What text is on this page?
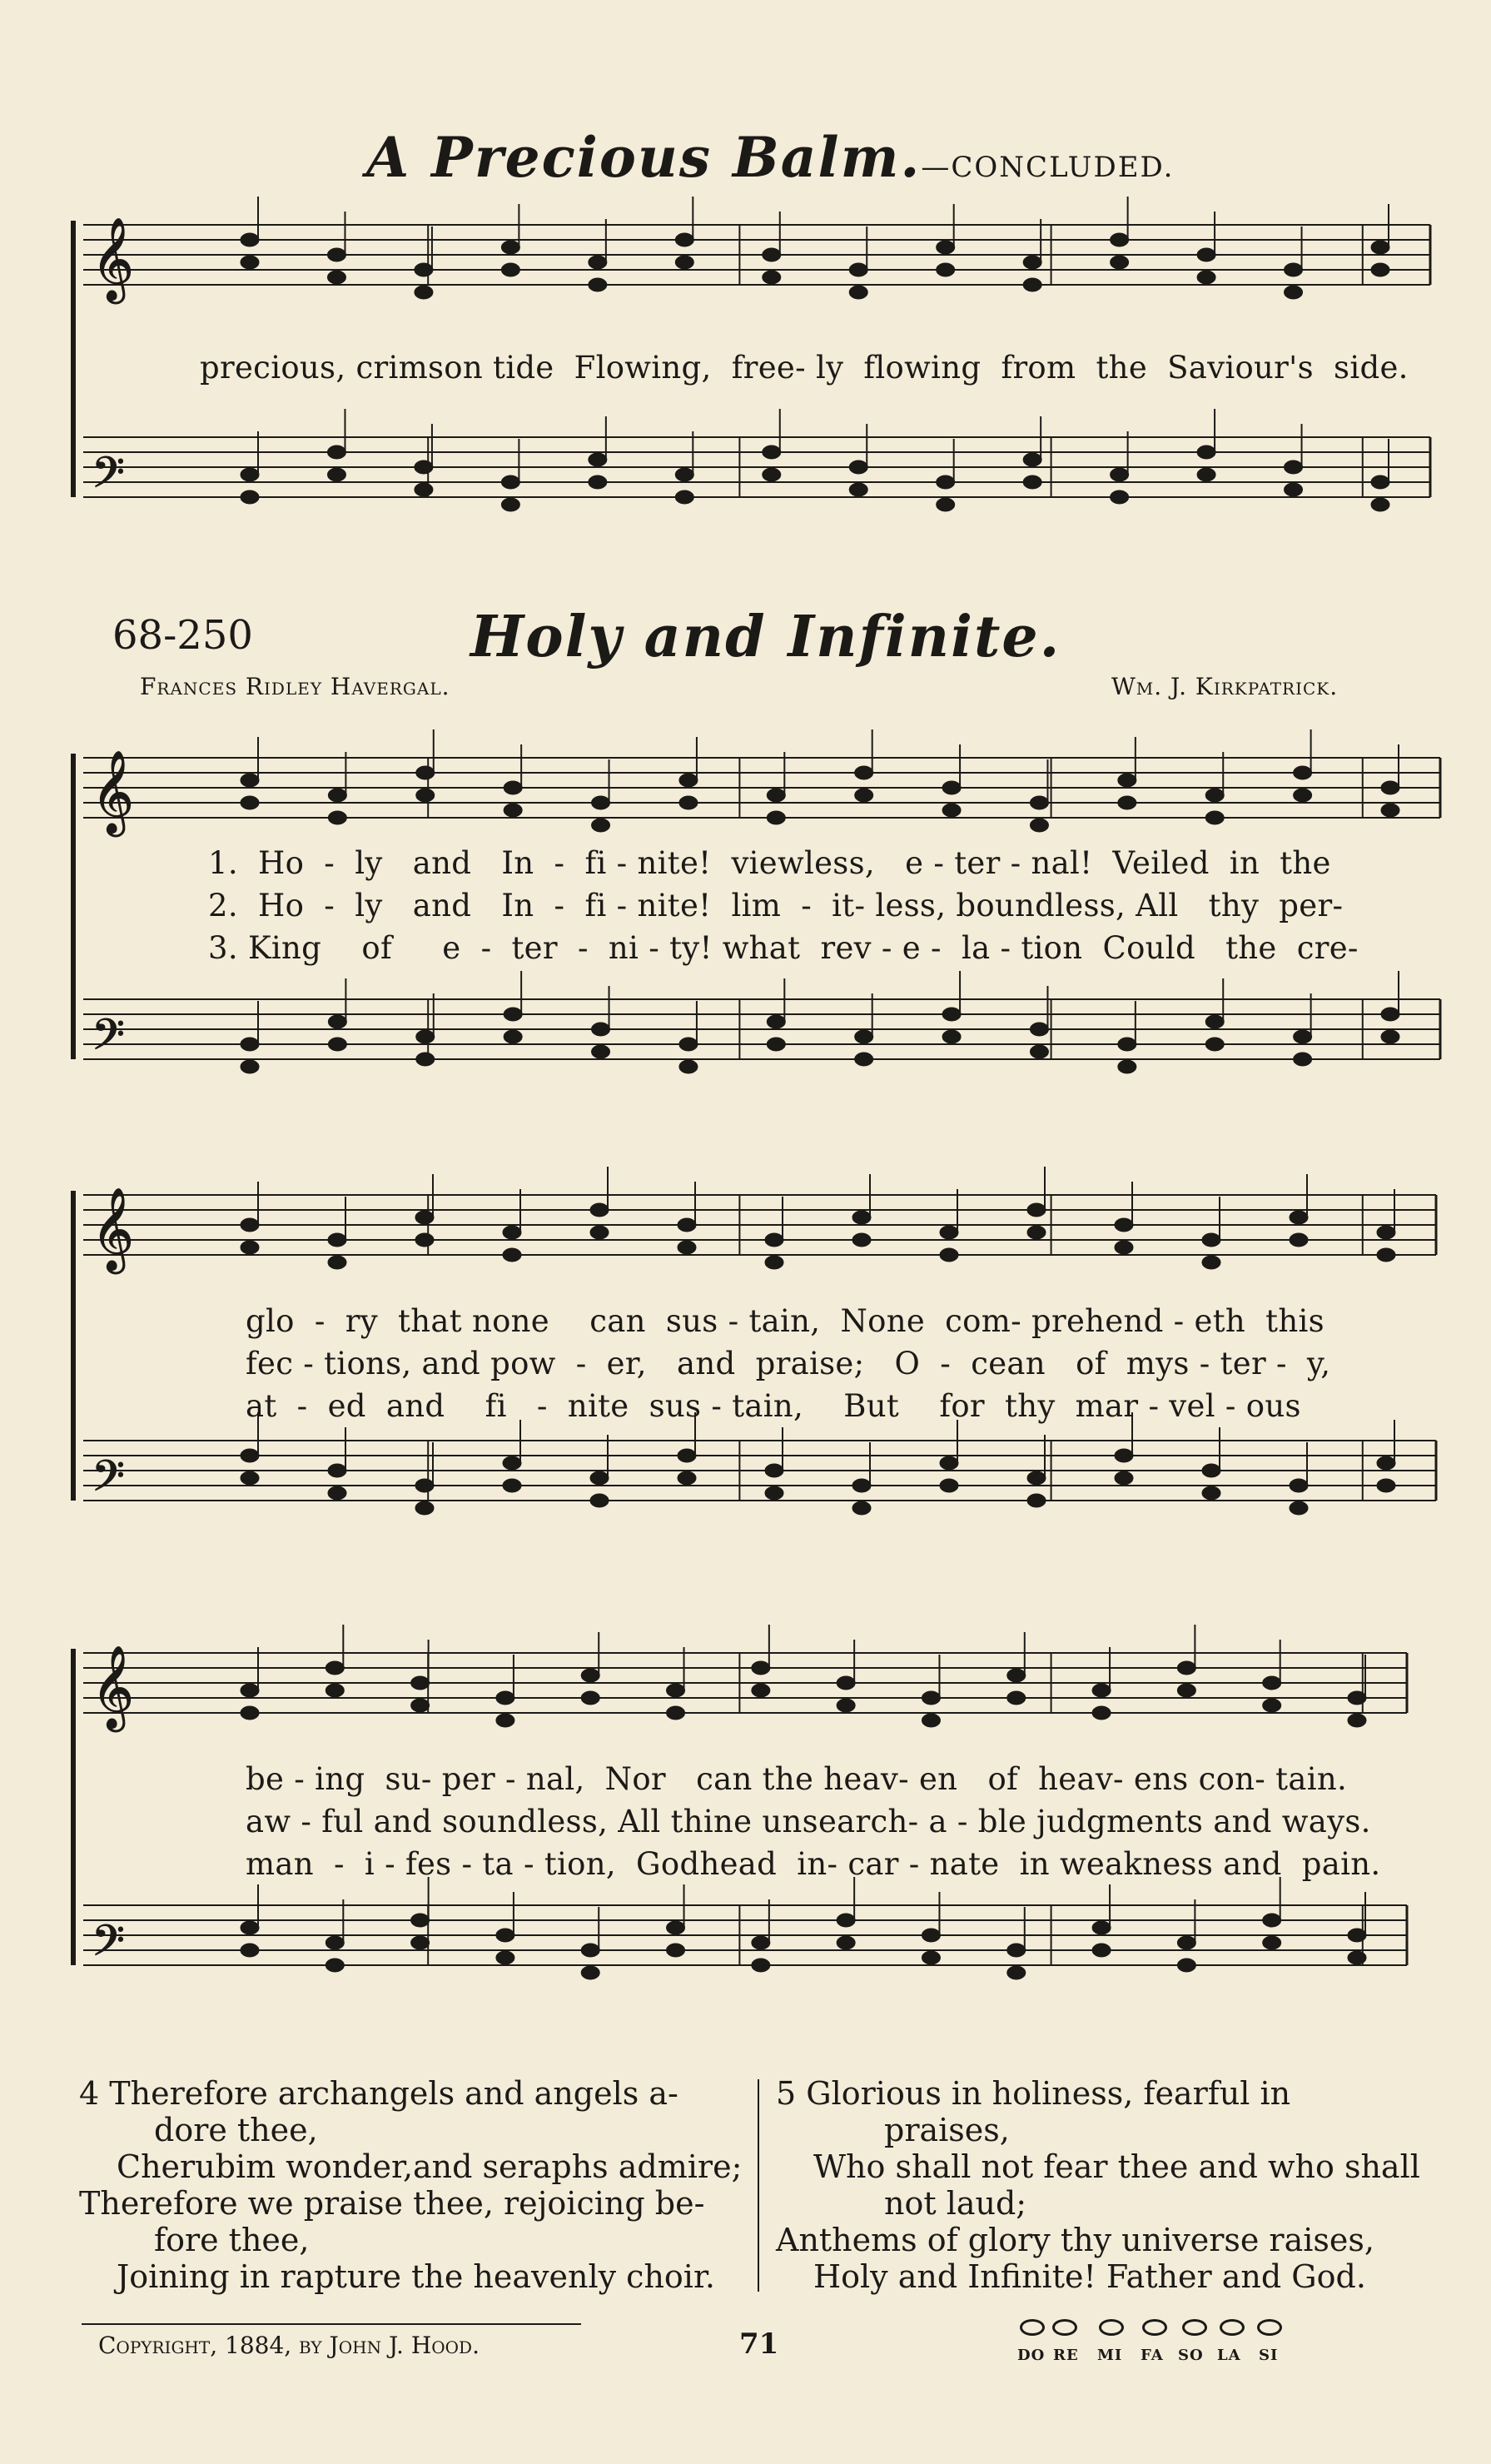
A Precious Balm.—CONCLUDED.
68-250	Holy and Infinite.
Frances Ridley Havergal.	Wm. J. Kirkpatrick.
𝄞
𝄢
𝄞
𝄢
𝄞
𝄢
𝄞
𝄢
precious, crimson tide  Flowing,  free- ly  flowing  from  the  Saviour's  side.
1.  Ho  -  ly   and   In  -  fi - nite!  viewless,   e - ter - nal!  Veiled  in  the
2.  Ho  -  ly   and   In  -  fi - nite!  lim  -  it- less, boundless, All   thy  per-
3. King    of     e  -  ter  -  ni - ty! what  rev - e -  la - tion  Could   the  cre-
glo  -  ry  that none    can  sus - tain,  None  com- prehend - eth  this
fec - tions, and pow  -  er,   and  praise;   O  -  cean   of  mys - ter -  y,
at  -  ed  and    fi   -  nite  sus - tain,    But    for  thy  mar - vel - ous
be - ing  su- per - nal,  Nor   can the heav- en   of  heav- ens con- tain.
aw - ful and soundless, All thine unsearch- a - ble judgments and ways.
man  -  i - fes - ta - tion,  Godhead  in- car - nate  in weakness and  pain.
4 Therefore archangels and angels a-
dore thee,
Cherubim wonder,and seraphs admire;
Therefore we praise thee, rejoicing be-
fore thee,
Joining in rapture the heavenly choir.
5 Glorious in holiness, fearful in
praises,
Who shall not fear thee and who shall
not laud;
Anthems of glory thy universe raises,
Holy and Infinite! Father and God.
Copyright, 1884, by John J. Hood.	71	DO RE MI FA SO LA SI
